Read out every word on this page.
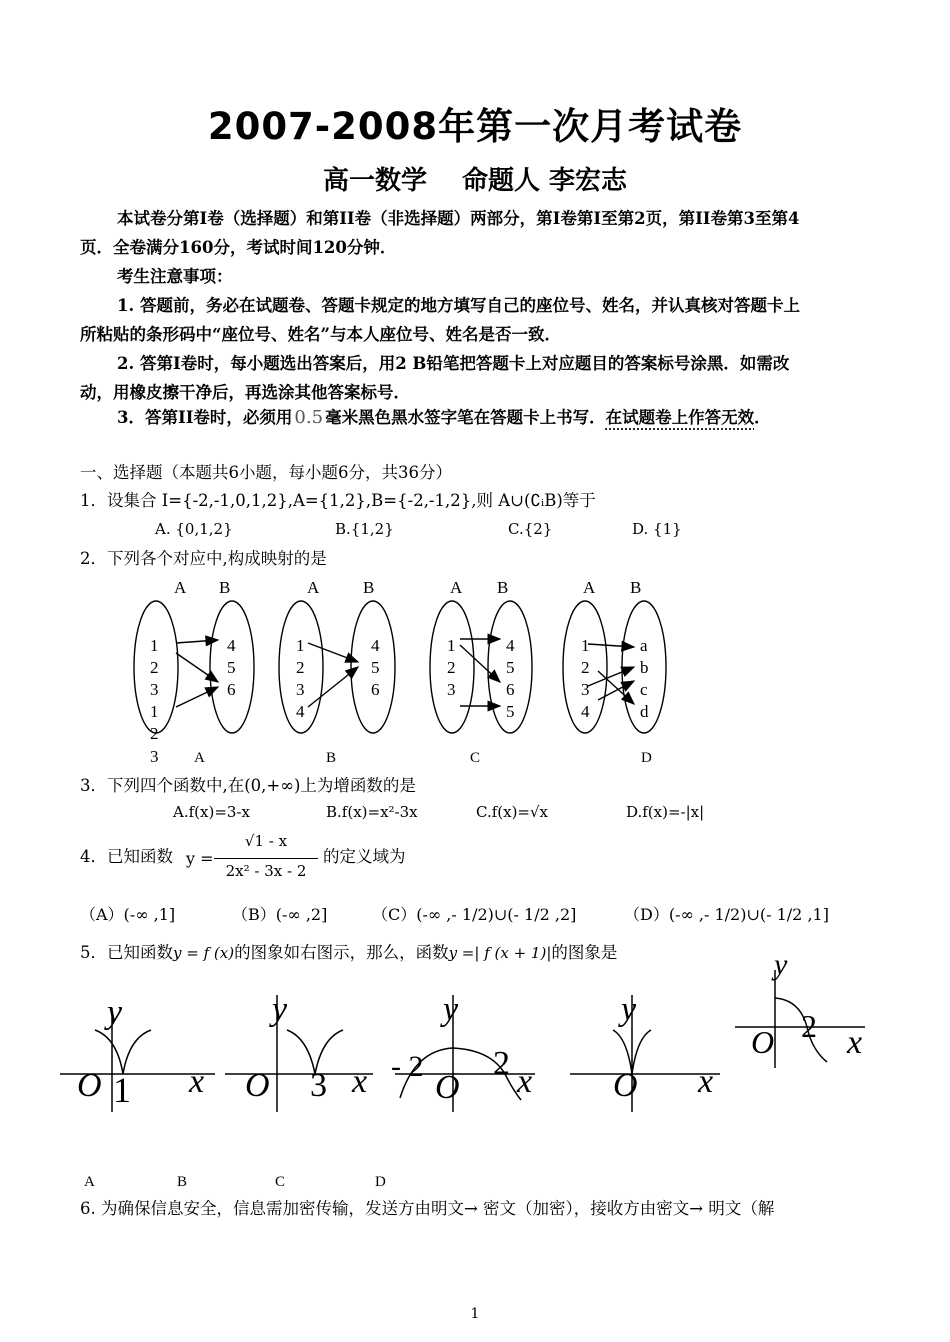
2007-2008年第一次月考试卷
高一数学　 命题人 李宏志
本试卷分第I卷（选择题）和第II卷（非选择题）两部分，第I卷第I至第2页，第II卷第3至第4
页．全卷满分160分，考试时间120分钟．
考生注意事项：
1. 答题前，务必在试题卷、答题卡规定的地方填写自己的座位号、姓名，并认真核对答题卡上
所粘贴的条形码中“座位号、姓名”与本人座位号、姓名是否一致．
2. 答第I卷时，每小题选出答案后，用2 B铅笔把答题卡上对应题目的答案标号涂黑．如需改
动，用橡皮擦干净后，再选涂其他答案标号．
3．答第II卷时，必须用 0.5 毫米黑色黑水签字笔在答题卡上书写．在试题卷上作答无效．
一、选择题（本题共6小题，每小题6分，共36分）
1．设集合 I={-2,-1,0,1,2},A={1,2},B={-2,-1,2},则 A∪(∁ᵢB)等于
A. {0,1,2}	B.{1,2}	C.{2}	D. {1}
2．下列各个对应中,构成映射的是
A B	A	B	A B	A B
1
2
3
1
2
3
4
5
6
1
2
3
4
4
5
6
1
2
3
4
5
6
5
1
2
3
4
a
b
c
d
A	B	C	D
3．下列四个函数中,在(0,+∞)上为增函数的是
A.f(x)=3-x	B.f(x)=x²-3x	C.f(x)=√x	D.f(x)=-|x|
4．已知函数 y =
√1 - x
2x² - 3x - 2
的定义域为
（A）(-∞ ,1]	（B）(-∞ ,2]	（C）(-∞ ,- 1/2)∪(- 1/2 ,2]	（D）(-∞ ,- 1/2)∪(- 1/2 ,1]
5．已知函数y = f (x)的图象如右图示，那么，函数y =| f (x + 1)|的图象是
y
O 1 x
y
O 3 x
y
- 2
O
2 x
y
O x
y
O 2 x
A	B	C	D
6. 为确保信息安全，信息需加密传输，发送方由明文→ 密文（加密），接收方由密文→ 明文（解
1
